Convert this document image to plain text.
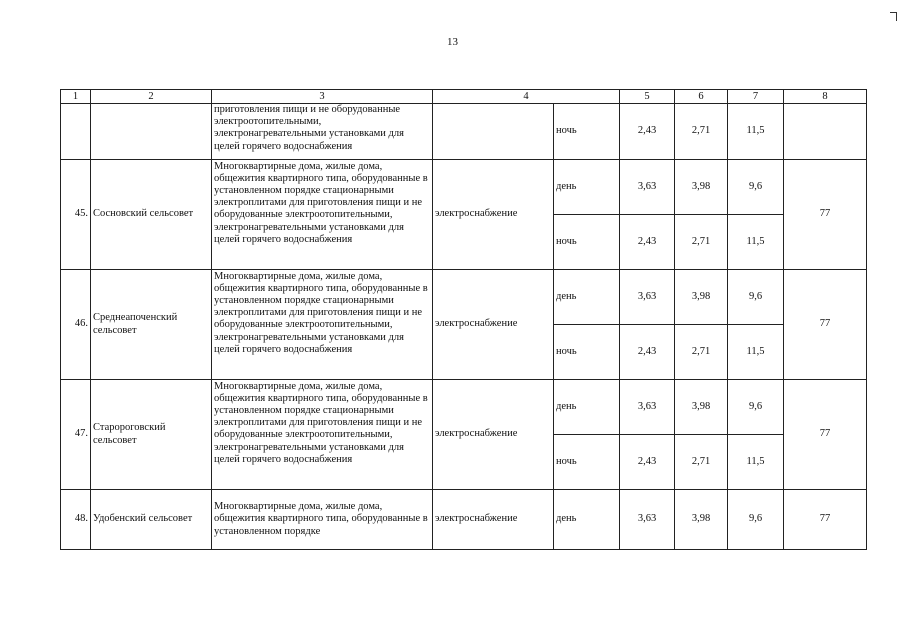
13
1	2	3	4		5	6	7	8

		приготовления пищи и не оборудованные электроотопительными, электронагревательными установками для целей горячего водоснабжения		ночь	2,43	2,71	11,5	
45.	Сосновский сельсовет	Многоквартирные дома, жилые дома, общежития квартирного типа, оборудованные в установленном порядке стационарными электроплитами для приготовления пищи и не оборудованные электроотопительными, электронагревательными установками для целей горячего водоснабжения	электроснабжение	день	3,63	3,98	9,6	77
				ночь	2,43	2,71	11,5	
46.	Среднеапоченский сельсовет	Многоквартирные дома, жилые дома, общежития квартирного типа, оборудованные в установленном порядке стационарными электроплитами для приготовления пищи и не оборудованные электроотопительными, электронагревательными установками для целей горячего водоснабжения	электроснабжение	день	3,63	3,98	9,6	77
				ночь	2,43	2,71	11,5	
47.	Старороговский сельсовет	Многоквартирные дома, жилые дома, общежития квартирного типа, оборудованные в установленном порядке стационарными электроплитами для приготовления пищи и не оборудованные электроотопительными, электронагревательными установками для целей горячего водоснабжения	электроснабжение	день	3,63	3,98	9,6	77
				ночь	2,43	2,71	11,5	
48.	Удобенский сельсовет	Многоквартирные дома, жилые дома, общежития квартирного типа, оборудованные в установленном порядке	электроснабжение	день	3,63	3,98	9,6	77
